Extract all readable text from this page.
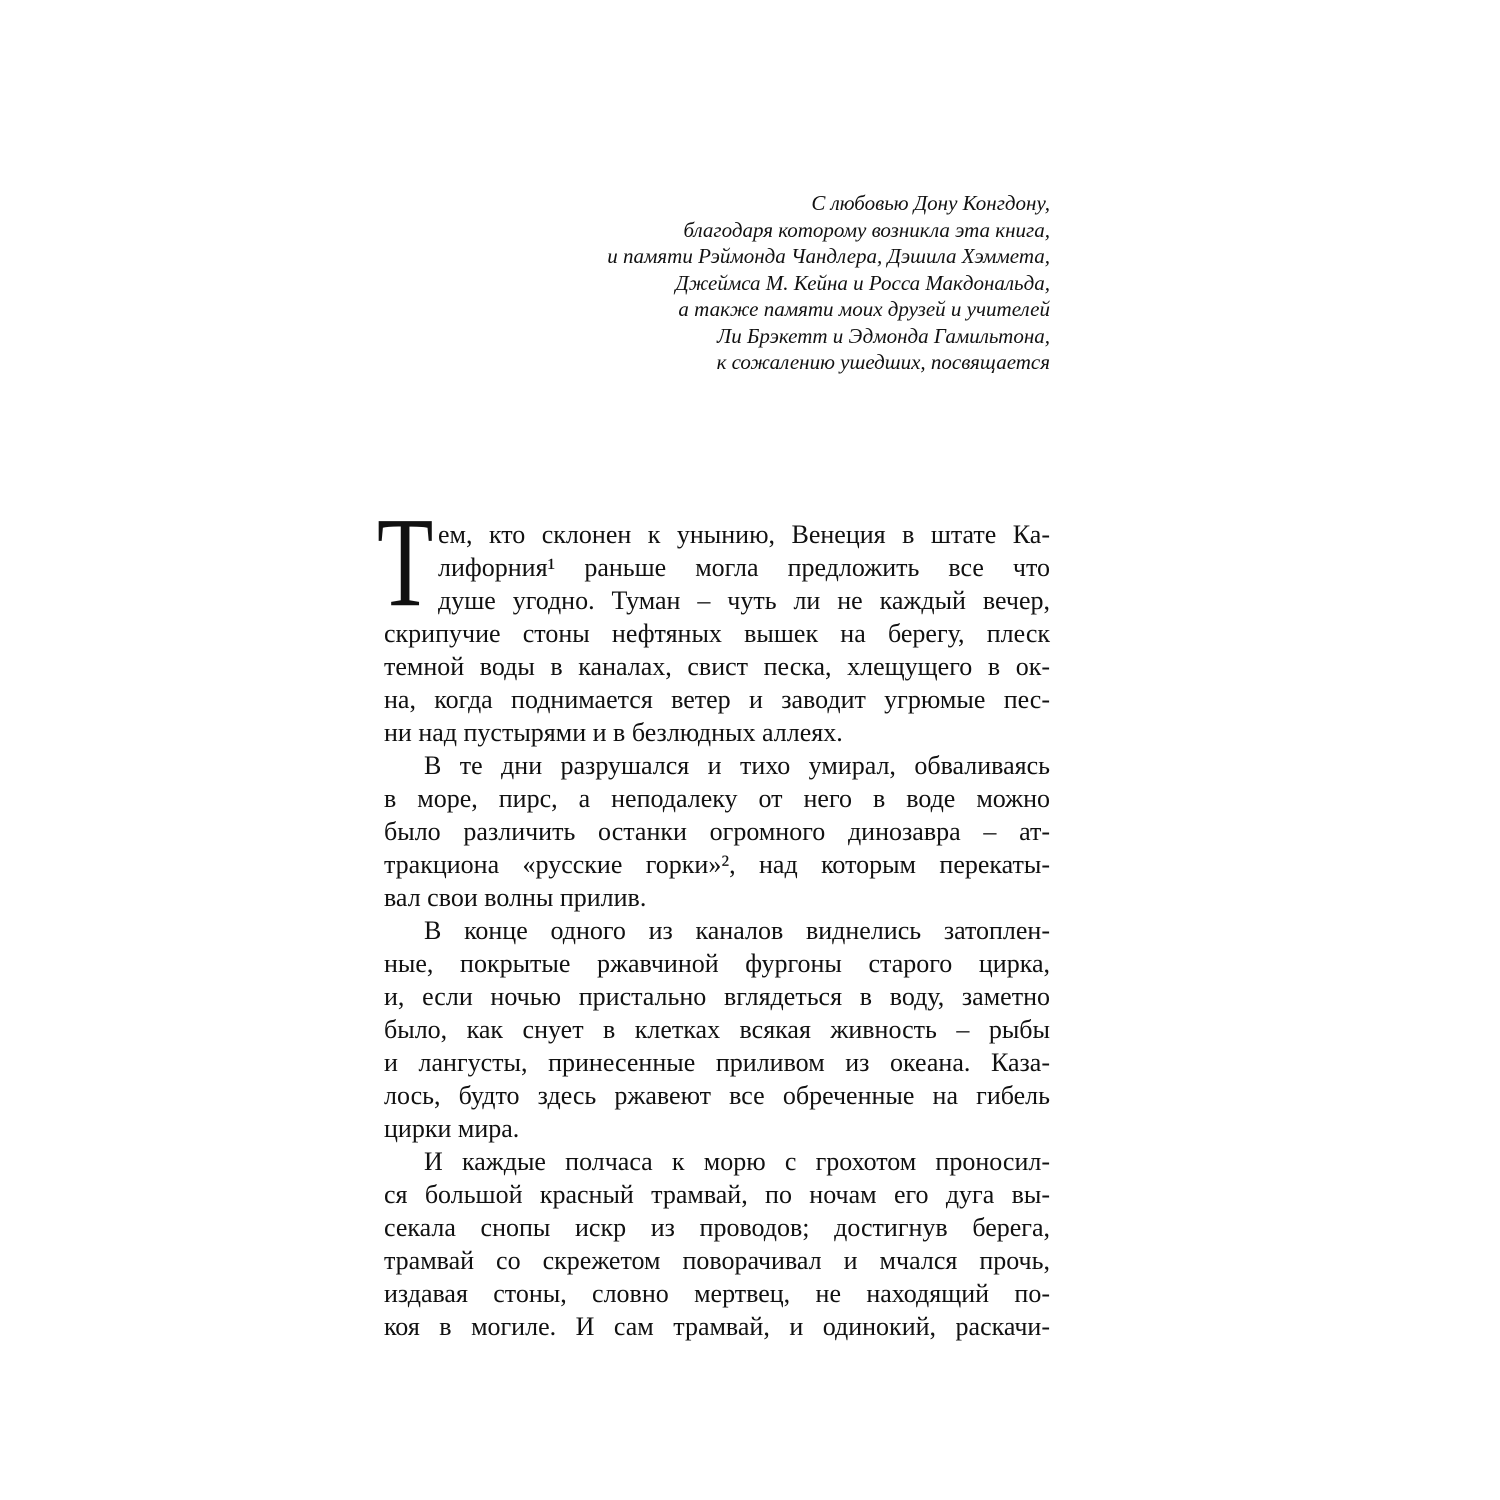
С любовью Дону Конгдону,
благодаря которому возникла эта книга,
и памяти Рэймонда Чандлера, Дэшила Хэммета,
Джеймса М. Кейна и Росса Макдональда,
а также памяти моих друзей и учителей
Ли Брэкетт и Эдмонда Гамильтона,
к сожалению ушедших, посвящается
Т ем, кто склонен к унынию, Венеция в штате Ка-
лифорния¹ раньше могла предложить все что
душе угодно. Туман – чуть ли не каждый вечер,
скрипучие стоны нефтяных вышек на берегу, плеск
темной воды в каналах, свист песка, хлещущего в ок-
на, когда поднимается ветер и заводит угрюмые пес-
ни над пустырями и в безлюдных аллеях.
В те дни разрушался и тихо умирал, обваливаясь
в море, пирс, а неподалеку от него в воде можно
было различить останки огромного динозавра – ат-
тракциона «русские горки»², над которым перекаты-
вал свои волны прилив.
В конце одного из каналов виднелись затоплен-
ные, покрытые ржавчиной фургоны старого цирка,
и, если ночью пристально вглядеться в воду, заметно
было, как снует в клетках всякая живность – рыбы
и лангусты, принесенные приливом из океана. Каза-
лось, будто здесь ржавеют все обреченные на гибель
цирки мира.
И каждые полчаса к морю с грохотом проносил-
ся большой красный трамвай, по ночам его дуга вы-
секала снопы искр из проводов; достигнув берега,
трамвай со скрежетом поворачивал и мчался прочь,
издавая стоны, словно мертвец, не находящий по-
коя в могиле. И сам трамвай, и одинокий, раскачи-
